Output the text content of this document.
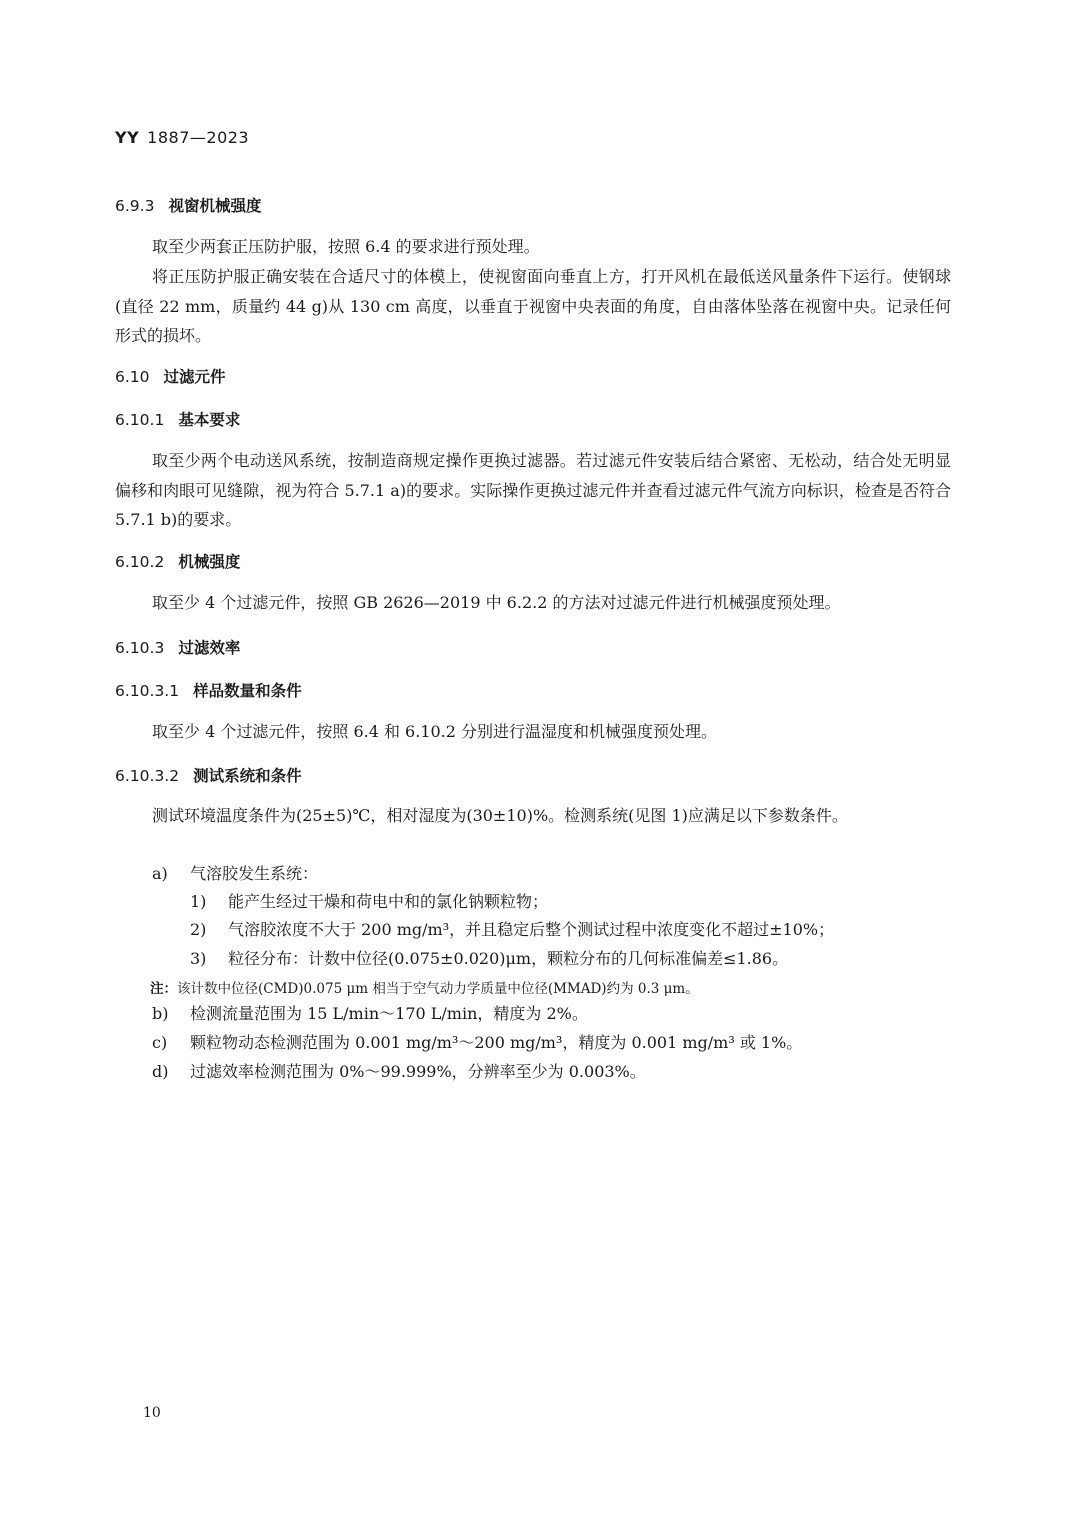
YY 1887—2023
6.9.3 视窗机械强度
取至少两套正压防护服，按照 6.4 的要求进行预处理。
将正压防护服正确安装在合适尺寸的体模上，使视窗面向垂直上方，打开风机在最低送风量条件下运行。使钢球(直径 22 mm，质量约 44 g)从 130 cm 高度，以垂直于视窗中央表面的角度，自由落体坠落在视窗中央。记录任何形式的损坏。
6.10 过滤元件
6.10.1 基本要求
取至少两个电动送风系统，按制造商规定操作更换过滤器。若过滤元件安装后结合紧密、无松动，结合处无明显偏移和肉眼可见缝隙，视为符合 5.7.1 a)的要求。实际操作更换过滤元件并查看过滤元件气流方向标识，检查是否符合 5.7.1 b)的要求。
6.10.2 机械强度
取至少 4 个过滤元件，按照 GB 2626—2019 中 6.2.2 的方法对过滤元件进行机械强度预处理。
6.10.3 过滤效率
6.10.3.1 样品数量和条件
取至少 4 个过滤元件，按照 6.4 和 6.10.2 分别进行温湿度和机械强度预处理。
6.10.3.2 测试系统和条件
测试环境温度条件为(25±5)℃，相对湿度为(30±10)%。检测系统(见图 1)应满足以下参数条件。
a) 气溶胶发生系统：
1) 能产生经过干燥和荷电中和的氯化钠颗粒物；
2) 气溶胶浓度不大于 200 mg/m³，并且稳定后整个测试过程中浓度变化不超过±10%；
3) 粒径分布：计数中位径(0.075±0.020)μm，颗粒分布的几何标准偏差≤1.86。
注：该计数中位径(CMD)0.075 μm 相当于空气动力学质量中位径(MMAD)约为 0.3 μm。
b) 检测流量范围为 15 L/min～170 L/min，精度为 2%。
c) 颗粒物动态检测范围为 0.001 mg/m³～200 mg/m³，精度为 0.001 mg/m³ 或 1%。
d) 过滤效率检测范围为 0%～99.999%，分辨率至少为 0.003%。
10
